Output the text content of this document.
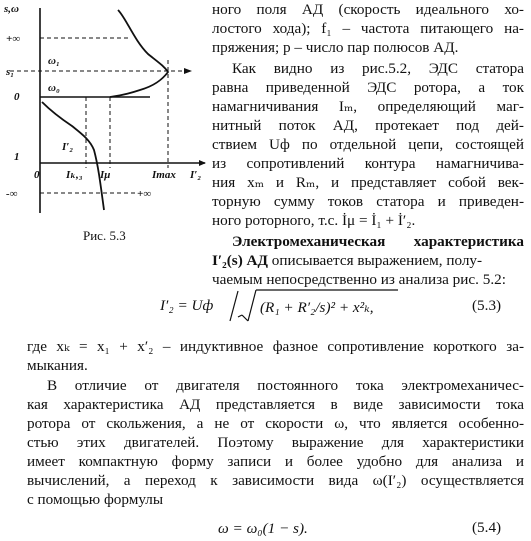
s,ω
+∞
s₁
0
1
ω₁
ω₀
I′₂
0 Iₖ,₃ Iμ	Imax I′₂
+∞
-∞
Рис. 5.3

ного поля АД (скорость идеального хо-

лостого хода); f₁ – частота питающего на-

пряжения; p – число пар полюсов АД.

Как видно из рис.5.2, ЭДС статора

равна приведенной ЭДС ротора, а ток

намагничивания Iₘ, определяющий маг-

нитный поток АД, протекает под дей-

ствием Uф по отдельной цепи, состоящей

из сопротивлений контура намагничива-

ния xₘ и Rₘ, и представляет собой век-

торную сумму токов статора и приведен-

ного роторного, т.с. İμ = İ₁ + İ′₂.

Электромеханическая характеристика

I′₂(s) АД описывается выражением, полу-

чаемым непосредственно из анализа рис. 5.2:

I′₂ = Uф	(R₁ + R′₂/s)² + x²ₖ,	(5.3)

где xₖ = x₁ + x′₂ – индуктивное фазное сопротивление короткого за-

мыкания.

В отличие от двигателя постоянного тока электромеханичес-

кая характеристика АД представляется в виде зависимости тока

ротора от скольжения, а не от скорости ω, что является особенно-

стью этих двигателей. Поэтому выражение для характеристики

имеет компактную форму записи и более удобно для анализа и

вычислений, а переход к зависимости вида ω(I′₂) осуществляется

с помощью формулы

ω = ω₀(1 − s).	(5.4)
